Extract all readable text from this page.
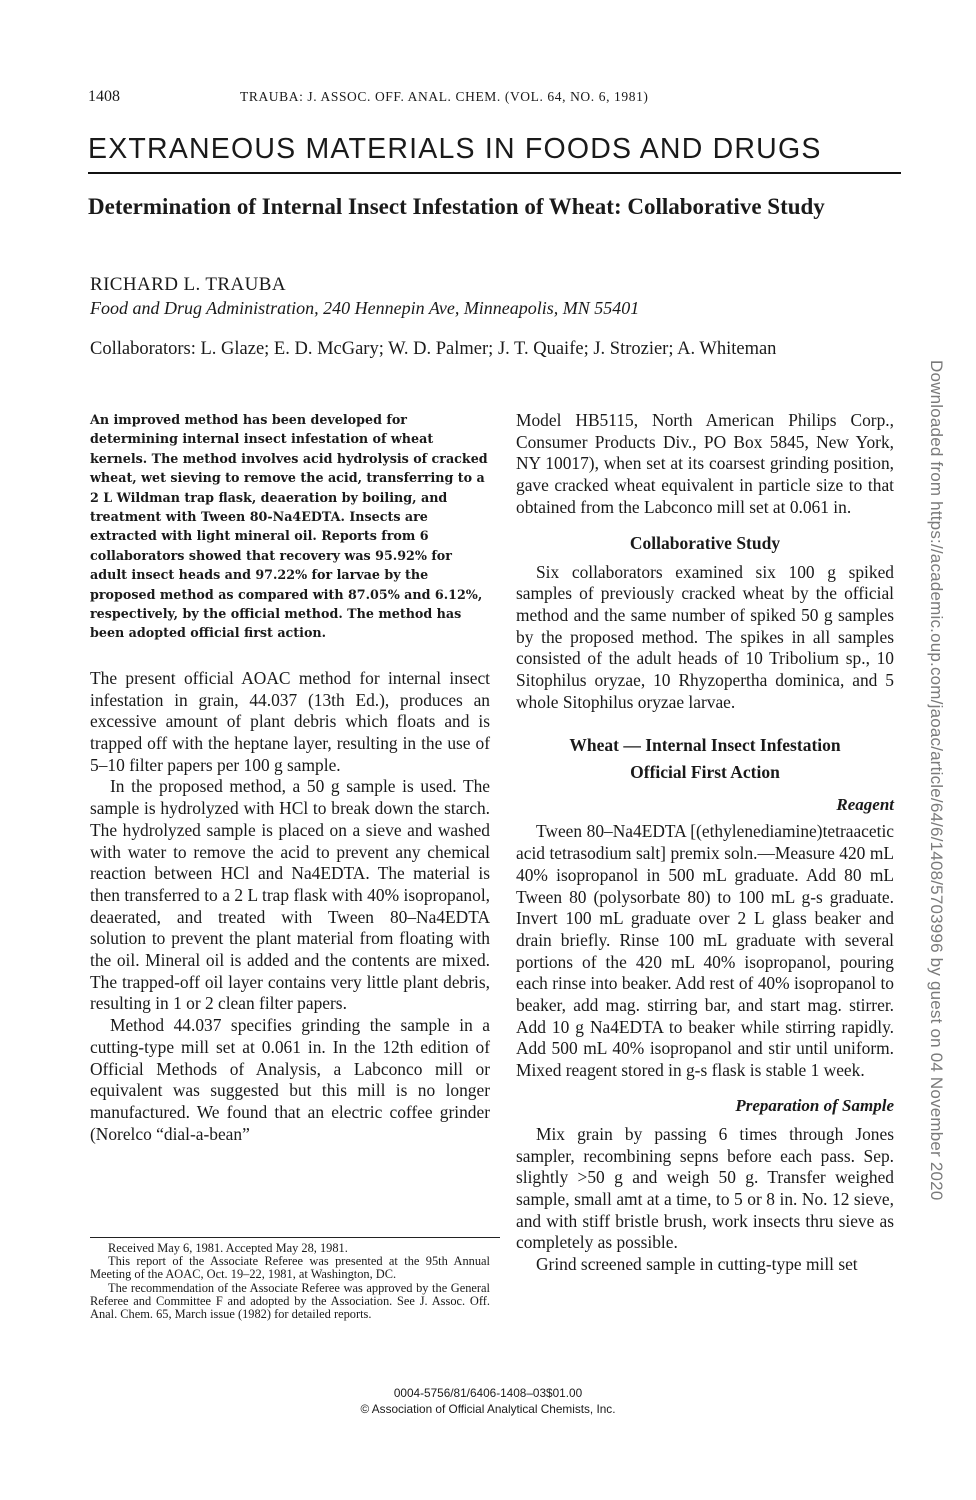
1408	TRAUBA: J. ASSOC. OFF. ANAL. CHEM. (VOL. 64, NO. 6, 1981)
EXTRANEOUS MATERIALS IN FOODS AND DRUGS
Determination of Internal Insect Infestation of Wheat: Collaborative Study
RICHARD L. TRAUBA
Food and Drug Administration, 240 Hennepin Ave, Minneapolis, MN 55401
Collaborators: L. Glaze; E. D. McGary; W. D. Palmer; J. T. Quaife; J. Strozier; A. Whiteman
Downloaded from https://academic.oup.com/jaoac/article/64/6/1408/5703996 by guest on 04 November 2020

An improved method has been developed for determining internal insect infestation of wheat kernels. The method involves acid hydrolysis of cracked wheat, wet sieving to remove the acid, transferring to a 2 L Wildman trap flask, deaeration by boiling, and treatment with Tween 80-Na4EDTA. Insects are extracted with light mineral oil. Reports from 6 collaborators showed that recovery was 95.92% for adult insect heads and 97.22% for larvae by the proposed method as compared with 87.05% and 6.12%, respectively, by the official method. The method has been adopted official first action.

The present official AOAC method for internal insect infestation in grain, 44.037 (13th Ed.), produces an excessive amount of plant debris which floats and is trapped off with the heptane layer, resulting in the use of 5–10 filter papers per 100 g sample.

In the proposed method, a 50 g sample is used. The sample is hydrolyzed with HCl to break down the starch. The hydrolyzed sample is placed on a sieve and washed with water to remove the acid to prevent any chemical reaction between HCl and Na4EDTA. The material is then transferred to a 2 L trap flask with 40% isopropanol, deaerated, and treated with Tween 80–Na4EDTA solution to prevent the plant material from floating with the oil. Mineral oil is added and the contents are mixed. The trapped-off oil layer contains very little plant debris, resulting in 1 or 2 clean filter papers.

Method 44.037 specifies grinding the sample in a cutting-type mill set at 0.061 in. In the 12th edition of Official Methods of Analysis, a Labconco mill or equivalent was suggested but this mill is no longer manufactured. We found that an electric coffee grinder (Norelco “dial-a-bean”

Received May 6, 1981. Accepted May 28, 1981.

This report of the Associate Referee was presented at the 95th Annual Meeting of the AOAC, Oct. 19–22, 1981, at Washington, DC.

The recommendation of the Associate Referee was approved by the General Referee and Committee F and adopted by the Association. See J. Assoc. Off. Anal. Chem. 65, March issue (1982) for detailed reports.

Model HB5115, North American Philips Corp., Consumer Products Div., PO Box 5845, New York, NY 10017), when set at its coarsest grinding position, gave cracked wheat equivalent in particle size to that obtained from the Labconco mill set at 0.061 in.

Collaborative Study

Six collaborators examined six 100 g spiked samples of previously cracked wheat by the official method and the same number of spiked 50 g samples by the proposed method. The spikes in all samples consisted of the adult heads of 10 Tribolium sp., 10 Sitophilus oryzae, 10 Rhyzopertha dominica, and 5 whole Sitophilus oryzae larvae.

Wheat — Internal Insect Infestation

Official First Action

Reagent

Tween 80–Na4EDTA [(ethylenediamine)tetraacetic acid tetrasodium salt] premix soln.—Measure 420 mL 40% isopropanol in 500 mL graduate. Add 80 mL Tween 80 (polysorbate 80) to 100 mL g-s graduate. Invert 100 mL graduate over 2 L glass beaker and drain briefly. Rinse 100 mL graduate with several portions of the 420 mL 40% isopropanol, pouring each rinse into beaker. Add rest of 40% isopropanol to beaker, add mag. stirring bar, and start mag. stirrer. Add 10 g Na4EDTA to beaker while stirring rapidly. Add 500 mL 40% isopropanol and stir until uniform. Mixed reagent stored in g-s flask is stable 1 week.

Preparation of Sample

Mix grain by passing 6 times through Jones sampler, recombining sepns before each pass. Sep. slightly >50 g and weigh 50 g. Transfer weighed sample, small amt at a time, to 5 or 8 in. No. 12 sieve, and with stiff bristle brush, work insects thru sieve as completely as possible.

Grind screened sample in cutting-type mill set

0004-5756/81/6406-1408–03$01.00
© Association of Official Analytical Chemists, Inc.
